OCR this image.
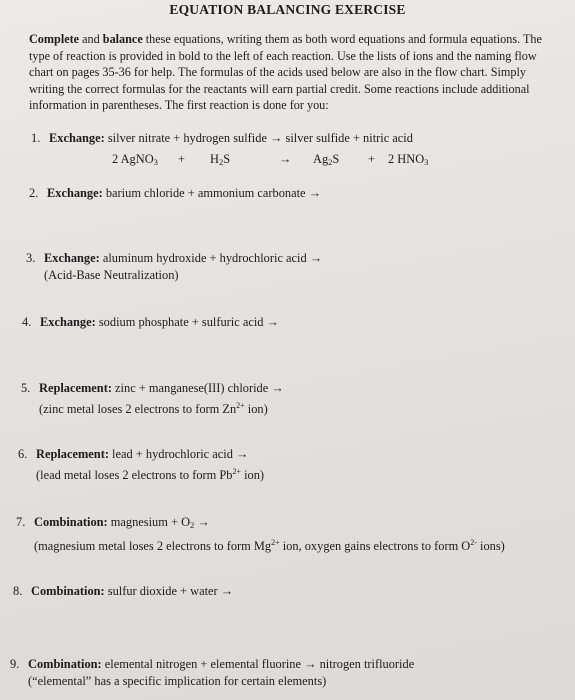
EQUATION BALANCING EXERCISE
Complete and balance these equations, writing them as both word equations and formula equations. The type of reaction is provided in bold to the left of each reaction. Use the lists of ions and the naming flow chart on pages 35-36 for help. The formulas of the acids used below are also in the flow chart. Simply writing the correct formulas for the reactants will earn partial credit. Some reactions include additional information in parentheses. The first reaction is done for you:
1. Exchange: silver nitrate + hydrogen sulfide → silver sulfide + nitric acid
2 AgNO$_3$ + $H_2S$	→ $Ag_2S + 2$ $HNO_3$
2. Exchange: barium chloride + ammonium carbonate →
3. Exchange: aluminum hydroxide + hydrochloric acid →
(Acid-Base Neutralization)
4. Exchange: sodium phosphate + sulfuric acid →
5. Replacement: zinc + manganese(III) chloride →
(zinc metal loses 2 electrons to form $Zn^{2+}$ ion)
6. Replacement: lead + hydrochloric acid →
(lead metal loses 2 electrons to form $Pb^{2+}$ ion)
7. Combination: magnesium + $O_2$ →
(magnesium metal loses 2 electrons to form $Mg^{2+}$ ion, oxygen gains electrons to form $O^{2-}$ ions)
8. Combination: sulfur dioxide + water →
9. Combination: elemental nitrogen + elemental fluorine → nitrogen trifluoride
(“elemental” has a specific implication for certain elements)
